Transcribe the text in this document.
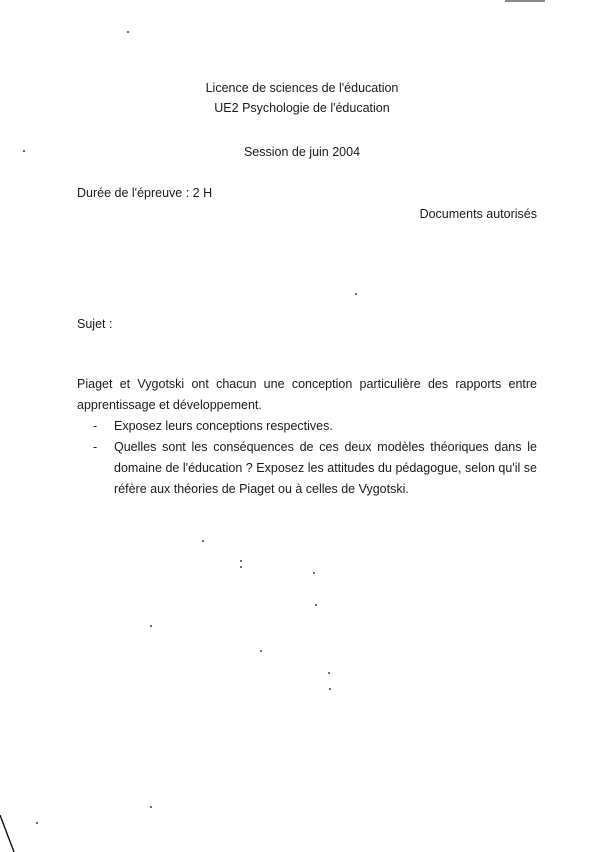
Licence de sciences de l'éducation
UE2 Psychologie de l'éducation
Session de juin 2004
Durée de l'épreuve : 2 H
Documents autorisés
Sujet :
Piaget et Vygotski ont chacun une conception particulière des rapports entre apprentissage et développement.
- Exposez leurs conceptions respectives.
- Quelles sont les conséquences de ces deux modèles théoriques dans le domaine de l'éducation ? Exposez les attitudes du pédagogue, selon qu'il se réfère aux théories de Piaget ou à celles de Vygotski.
